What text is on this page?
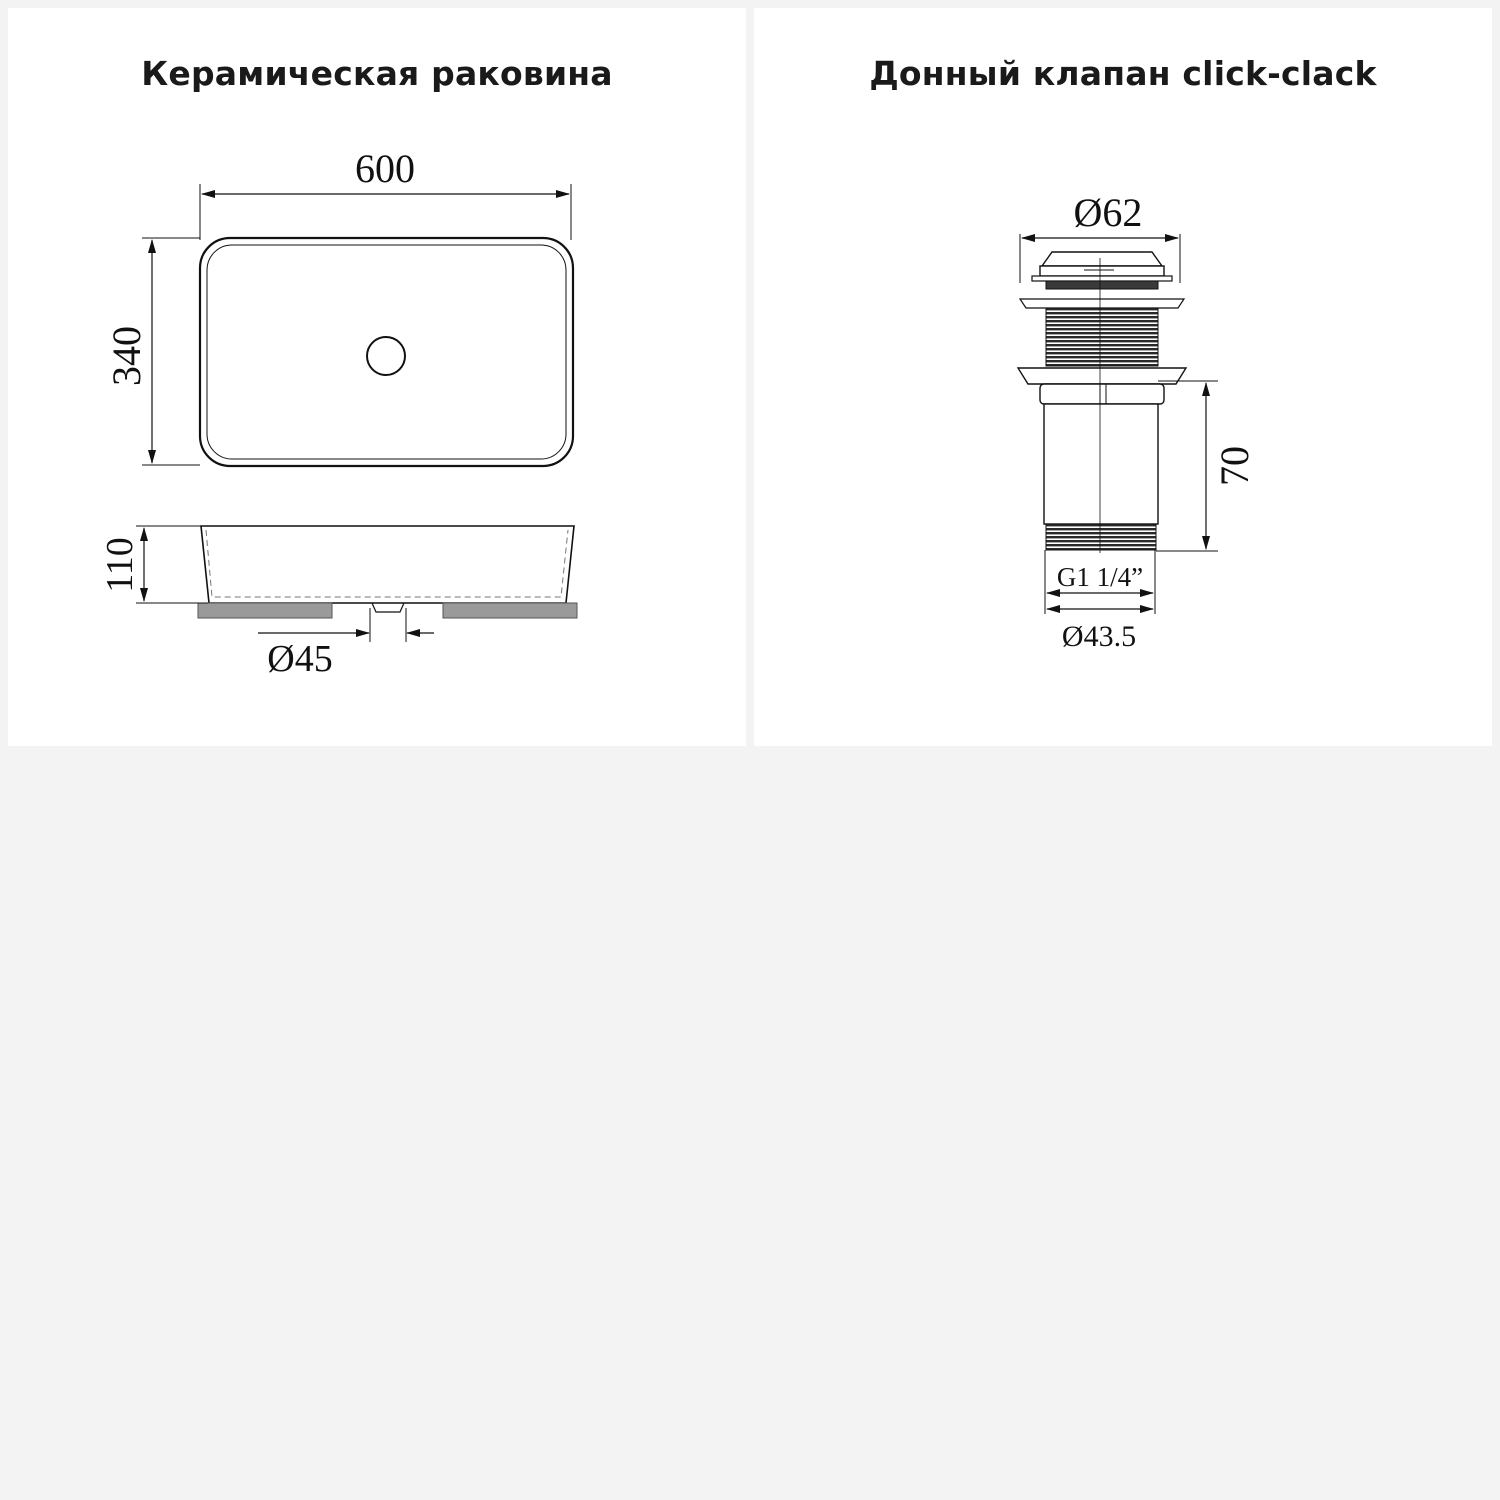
Керамическая раковина
600
340
110
Ø45
Донный клапан click-clack
Ø62
70
G1 1/4”
Ø43.5
